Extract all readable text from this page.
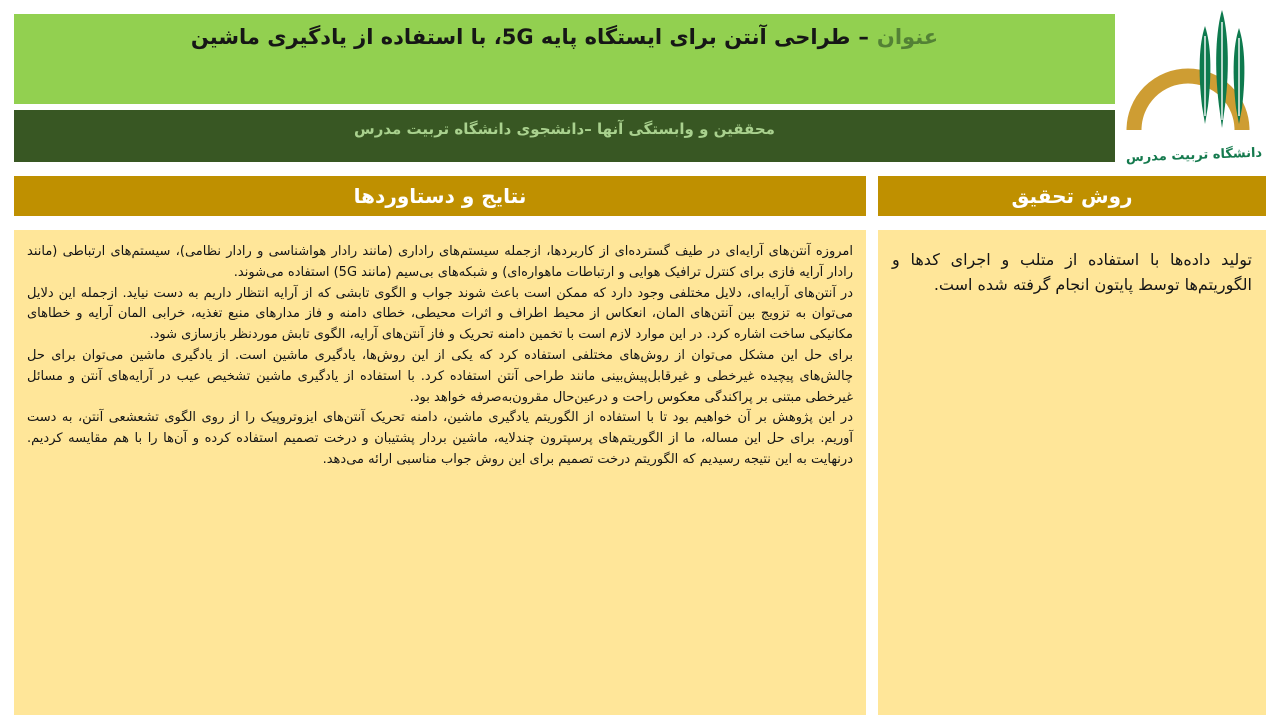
عنوان
–
طراحی آنتن برای ایستگاه پایه 5G، با استفاده از یادگیری ماشین
دانشگاه تربیت مدرس
محققین و وابستگی آنها –دانشجوی دانشگاه تربیت مدرس
نتایج و دستاوردها

امروزه آنتن‌های آرایه‌ای در طیف گسترده‌ای از کاربردها، ازجمله سیستم‌های راداری (مانند رادار هواشناسی و رادار نظامی)، سیستم‌های ارتباطی (مانند رادار آرایه فازی برای کنترل ترافیک هوایی و ارتباطات ماهواره‌ای) و شبکه‌های بی‌سیم (مانند 5G) استفاده می‌شوند.

در آنتن‌های آرایه‌ای، دلایل مختلفی وجود دارد که ممکن است باعث شوند جواب و الگوی تابشی که از آرایه انتظار داریم به دست نیاید. ازجمله این دلایل می‌توان به تزویج بین آنتن‌های المان، انعکاس از محیط اطراف و اثرات محیطی، خطای دامنه و فاز مدارهای منبع تغذیه، خرابی المان آرایه و خطاهای مکانیکی ساخت اشاره کرد. در این موارد لازم است با تخمین دامنه تحریک و فاز آنتن‌های آرایه، الگوی تابش موردنظر بازسازی شود.

برای حل این مشکل می‌توان از روش‌های مختلفی استفاده کرد که یکی از این روش‌ها، یادگیری ماشین است. از یادگیری ماشین می‌توان برای حل چالش‌های پیچیده غیرخطی و غیرقابل‌پیش‌بینی مانند طراحی آنتن استفاده کرد. با استفاده از یادگیری ماشین تشخیص عیب در آرایه‌های آنتن و مسائل غیرخطی مبتنی بر پراکندگی معکوس راحت و درعین‌حال مقرون‌به‌صرفه خواهد بود.

در این پژوهش بر آن خواهیم بود تا با استفاده از الگوریتم یادگیری ماشین، دامنه تحریک آنتن‌های ایزوتروپیک را از روی الگوی تشعشعی آنتن، به دست آوریم. برای حل این مساله، ما از الگوریتم‌های پرسپترون چندلایه، ماشین بردار پشتیبان و درخت تصمیم استفاده کرده و آن‌ها را با هم مقایسه کردیم. درنهایت به این نتیجه رسیدیم که الگوریتم درخت تصمیم برای این روش جواب مناسبی ارائه می‌دهد.

روش تحقیق
تولید داده‌ها با استفاده از متلب و اجرای کدها و الگوریتم‌ها توسط پایتون انجام گرفته شده است.
